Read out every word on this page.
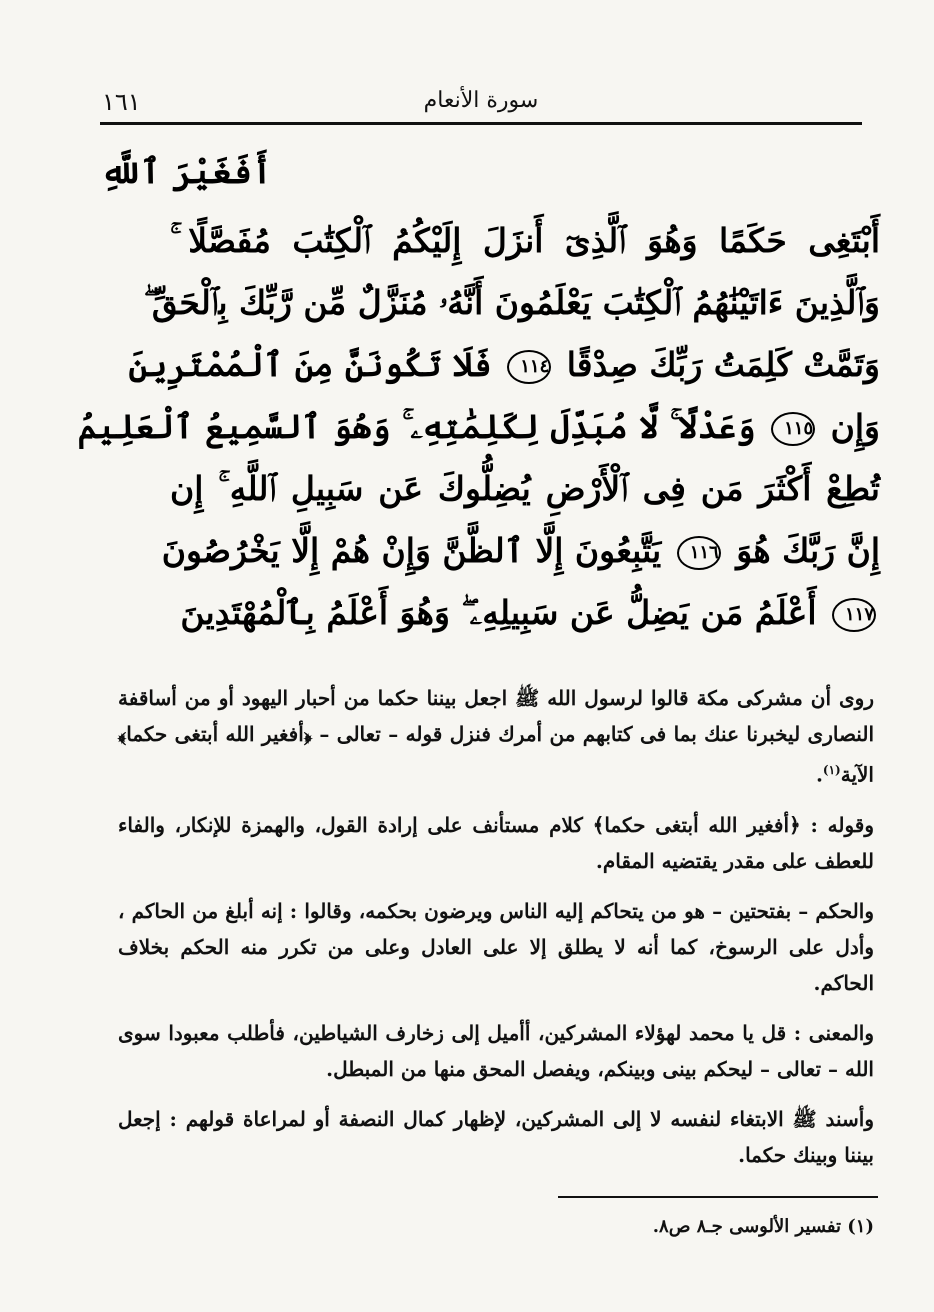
سورة الأنعام
١٦١
أَفَغَيْرَ ٱللَّهِ
أَبْتَغِى حَكَمًا وَهُوَ ٱلَّذِىٓ أَنزَلَ إِلَيْكُمُ ٱلْكِتَٰبَ مُفَصَّلًا ۚ
وَٱلَّذِينَ ءَاتَيْنَٰهُمُ ٱلْكِتَٰبَ يَعْلَمُونَ أَنَّهُۥ مُنَزَّلٌ مِّن رَّبِّكَ بِٱلْحَقِّ ۖ
وَتَمَّتْ كَلِمَتُ رَبِّكَ صِدْقًا ١١٤ فَلَا تَكُونَنَّ مِنَ ٱلْمُمْتَرِينَ
وَإِن ١١٥ وَعَدْلًا ۚ لَّا مُبَدِّلَ لِكَلِمَٰتِهِۦ ۚ وَهُوَ ٱلسَّمِيعُ ٱلْعَلِيمُ
تُطِعْ أَكْثَرَ مَن فِى ٱلْأَرْضِ يُضِلُّوكَ عَن سَبِيلِ ٱللَّهِ ۚ إِن
إِنَّ رَبَّكَ هُوَ ١١٦ يَتَّبِعُونَ إِلَّا ٱلظَّنَّ وَإِنْ هُمْ إِلَّا يَخْرُصُونَ
١١٧ أَعْلَمُ مَن يَضِلُّ عَن سَبِيلِهِۦ ۖ وَهُوَ أَعْلَمُ بِٱلْمُهْتَدِينَ

روى أن مشركى مكة قالوا لرسول الله ﷺ اجعل بيننا حكما من أحبار اليهود أو من أساقفة النصارى ليخبرنا عنك بما فى كتابهم من أمرك فنزل قوله – تعالى – ﴿أفغير الله أبتغى حكما﴾ الآية$^{(١)}$.

وقوله : ﴿أفغير الله أبتغى حكما﴾ كلام مستأنف على إرادة القول، والهمزة للإنكار، والفاء للعطف على مقدر يقتضيه المقام.

والحكم – بفتحتين – هو من يتحاكم إليه الناس ويرضون بحكمه، وقالوا : إنه أبلغ من الحاكم ، وأدل على الرسوخ، كما أنه لا يطلق إلا على العادل وعلى من تكرر منه الحكم بخلاف الحاكم.

والمعنى : قل يا محمد لهؤلاء المشركين، أأميل إلى زخارف الشياطين، فأطلب معبودا سوى الله – تعالى – ليحكم بينى وبينكم، ويفصل المحق منها من المبطل.

وأسند ﷺ الابتغاء لنفسه لا إلى المشركين، لإظهار كمال النصفة أو لمراعاة قولهم : إجعل بيننا وبينك حكما.

(١) تفسير الألوسى جـ٨ ص٨.
